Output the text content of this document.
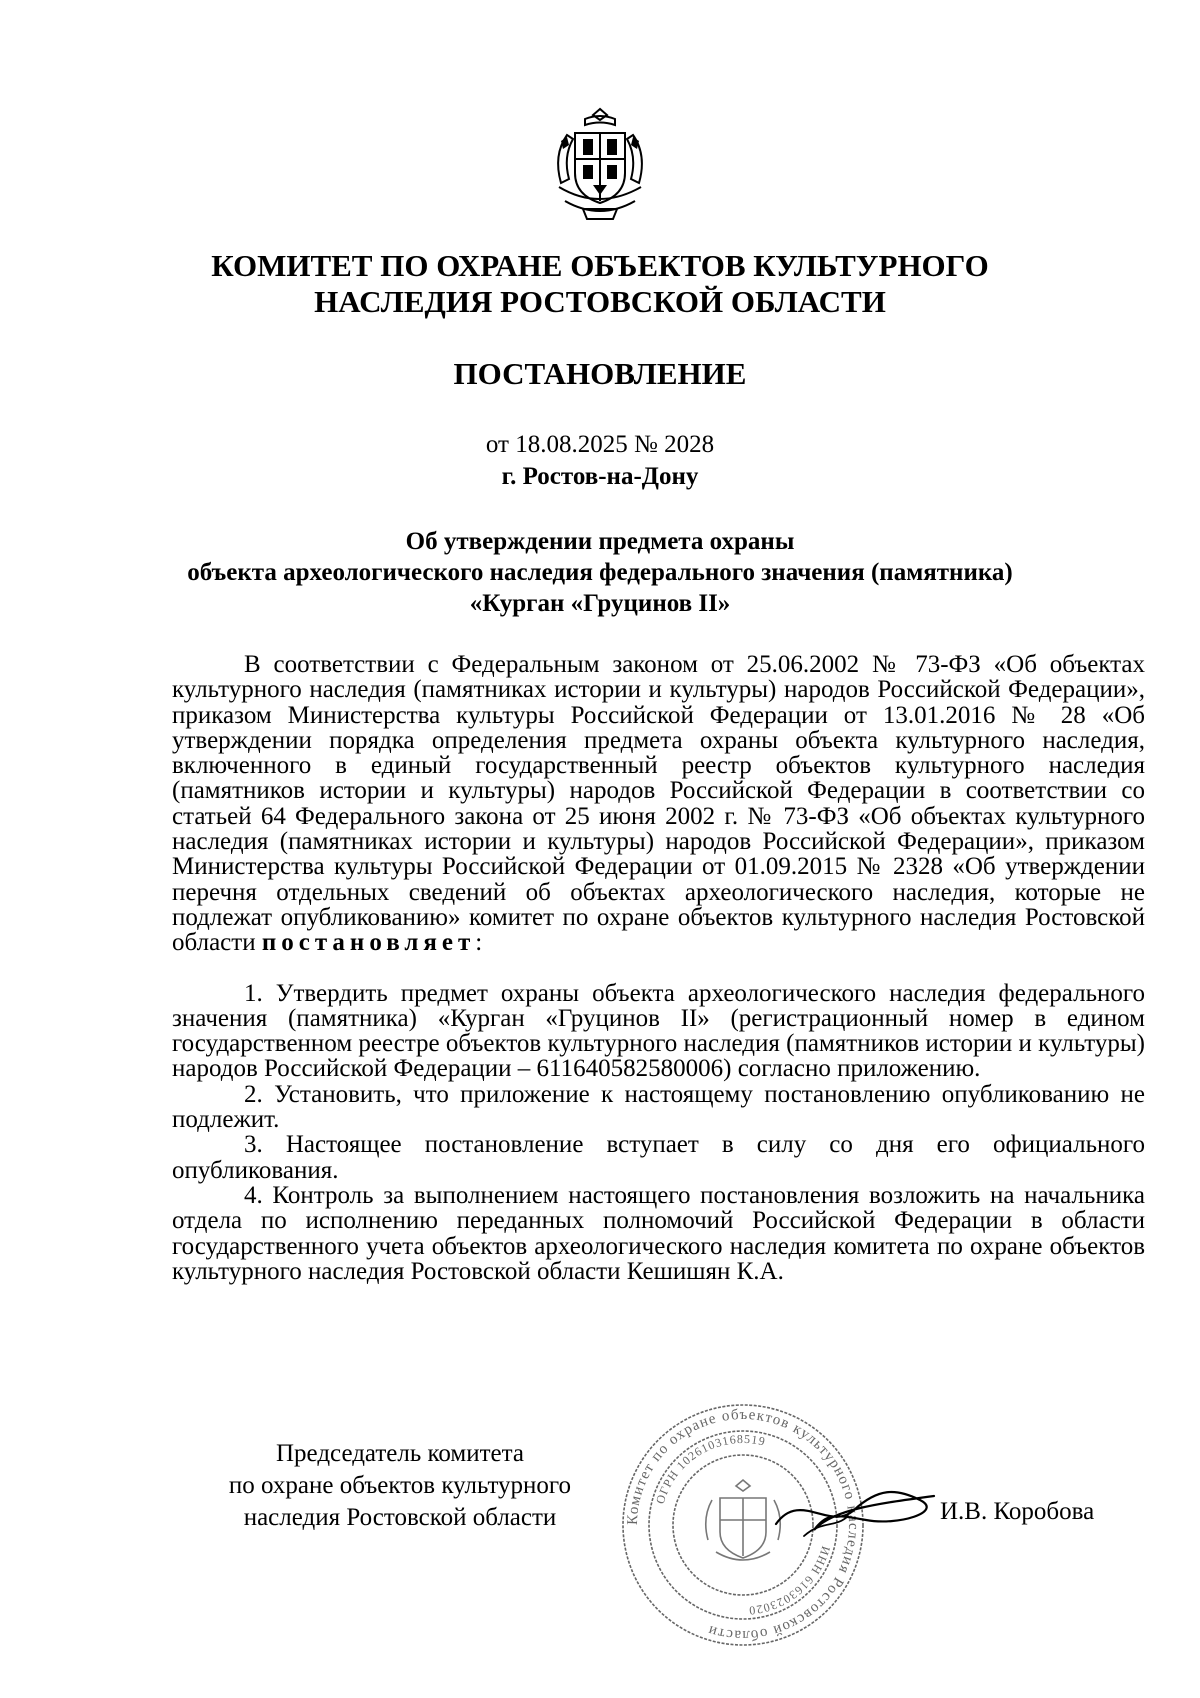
КОМИТЕТ ПО ОХРАНЕ ОБЪЕКТОВ КУЛЬТУРНОГО
НАСЛЕДИЯ РОСТОВСКОЙ ОБЛАСТИ
ПОСТАНОВЛЕНИЕ
от 18.08.2025 № 2028
г. Ростов-на-Дону
Об утверждении предмета охраны
объекта археологического наследия федерального значения (памятника)
«Курган «Груцинов II»

В соответствии с Федеральным законом от 25.06.2002 № 73-ФЗ «Об объектах культурного наследия (памятниках истории и культуры) народов Российской Федерации», приказом Министерства культуры Российской Федерации от 13.01.2016 № 28 «Об утверждении порядка определения предмета охраны объекта культурного наследия, включенного в единый государственный реестр объектов культурного наследия (памятников истории и культуры) народов Российской Федерации в соответствии со статьей 64 Федерального закона от 25 июня 2002 г. № 73-ФЗ «Об объектах культурного наследия (памятниках истории и культуры) народов Российской Федерации», приказом Министерства культуры Российской Федерации от 01.09.2015 № 2328 «Об утверждении перечня отдельных сведений об объектах археологического наследия, которые не подлежат опубликованию» комитет по охране объектов культурного наследия Ростовской области постановляет:

1. Утвердить предмет охраны объекта археологического наследия федерального значения (памятника) «Курган «Груцинов II» (регистрационный номер в едином государственном реестре объектов культурного наследия (памятников истории и культуры) народов Российской Федерации – 611640582580006) согласно приложению.

2. Установить, что приложение к настоящему постановлению опубликованию не подлежит.

3. Настоящее постановление вступает в силу со дня его официального опубликования.

4. Контроль за выполнением настоящего постановления возложить на начальника отдела по исполнению переданных полномочий Российской Федерации в области государственного учета объектов археологического наследия комитета по охране объектов культурного наследия Ростовской области Кешишян К.А.

Председатель комитета
по охране объектов культурного
наследия Ростовской области	Комитет по охране объектов культурного наследия Ростовской области
ОГРН 1026103168519
ИНН 6163023020
И.В. Коробова
